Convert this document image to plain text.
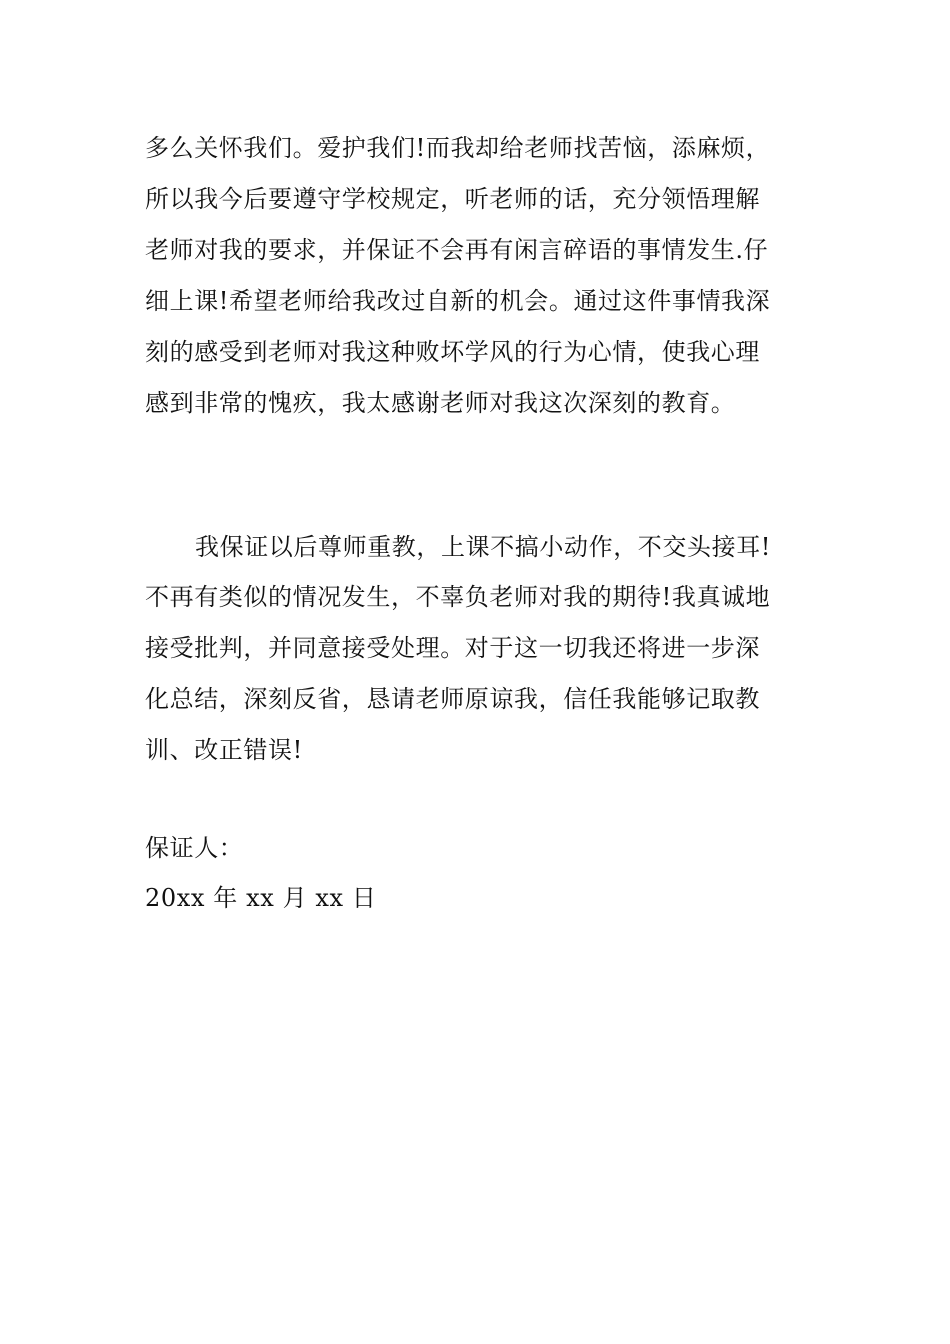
多么关怀我们。爱护我们!而我却给老师找苦恼，添麻烦，
所以我今后要遵守学校规定，听老师的话，充分领悟理解
老师对我的要求，并保证不会再有闲言碎语的事情发生.仔
细上课!希望老师给我改过自新的机会。通过这件事情我深
刻的感受到老师对我这种败坏学风的行为心情，使我心理
感到非常的愧疚，我太感谢老师对我这次深刻的教育。
我保证以后尊师重教，上课不搞小动作，不交头接耳!
不再有类似的情况发生，不辜负老师对我的期待!我真诚地
接受批判，并同意接受处理。对于这一切我还将进一步深
化总结，深刻反省，恳请老师原谅我，信任我能够记取教
训、改正错误!
保证人：
20xx 年 xx 月 xx 日
